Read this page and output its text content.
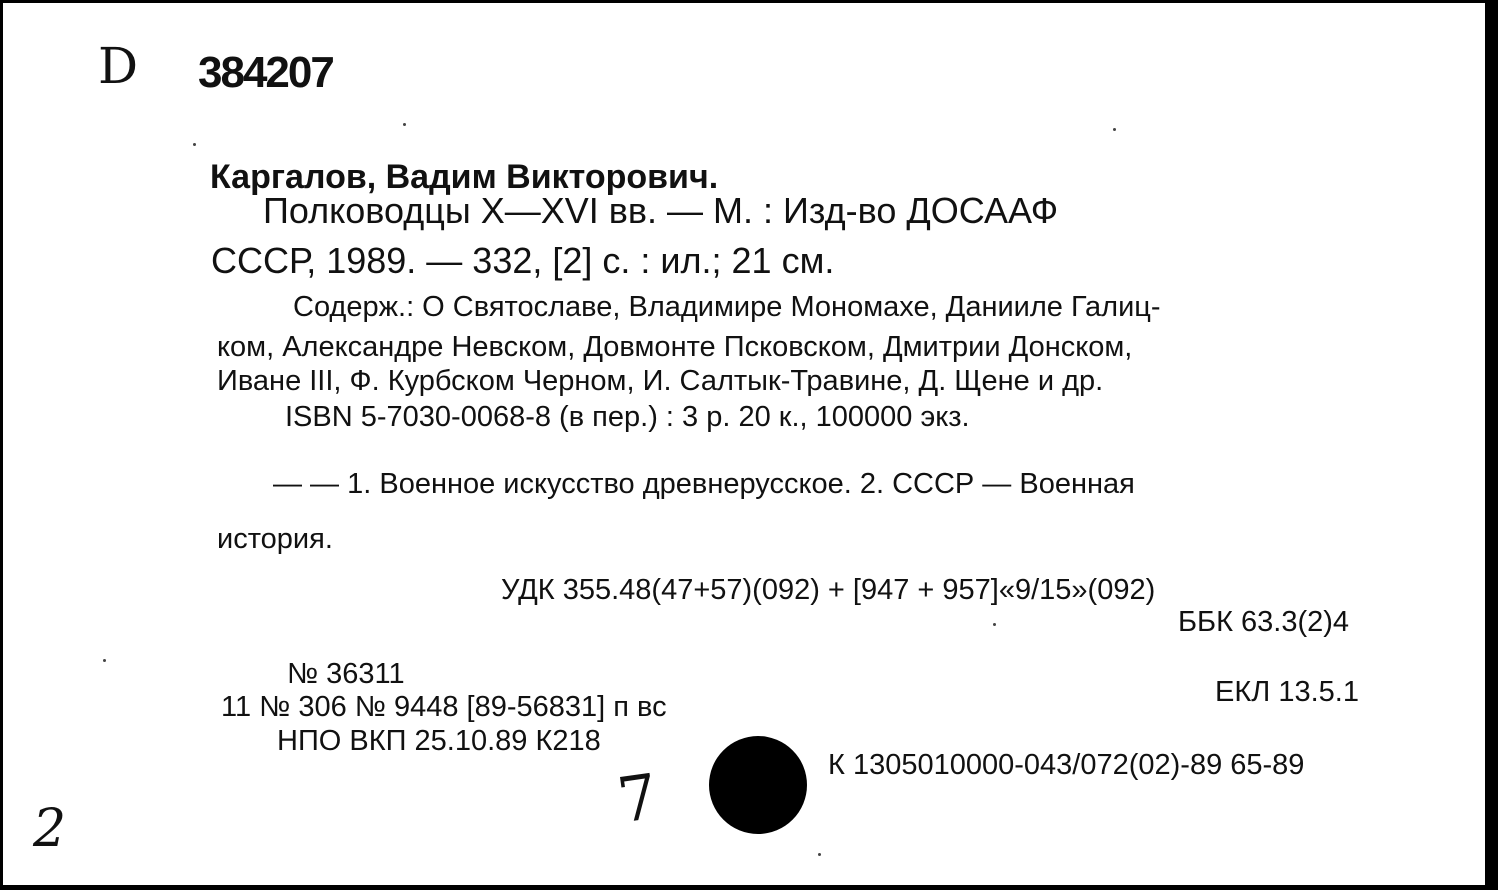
D 384207
Каргалов, Вадим Викторович.
Полководцы X—XVI вв. — М. : Изд-во ДОСААФ
СССР, 1989. — 332, [2] с. : ил.; 21 см.
Содерж.: О Святославе, Владимире Мономахе, Данииле Галиц-
ком, Александре Невском, Довмонте Псковском, Дмитрии Донском,
Иване III, Ф. Курбском Черном, И. Салтык-Травине, Д. Щене и др.
ISBN 5-7030-0068-8 (в пер.) : 3 р. 20 к., 100000 экз.
— — 1. Военное искусство древнерусское. 2. СССР — Военная
история.
УДК 355.48(47+57)(092) + [947 + 957]«9/15»(092)
ББК 63.3(2)4
№ 36311
11 № 306 № 9448 [89-56831] п вс
НПО ВКП 25.10.89 К218
ЕКЛ 13.5.1
7	К 1305010000-043/072(02)-89 65-89
2
